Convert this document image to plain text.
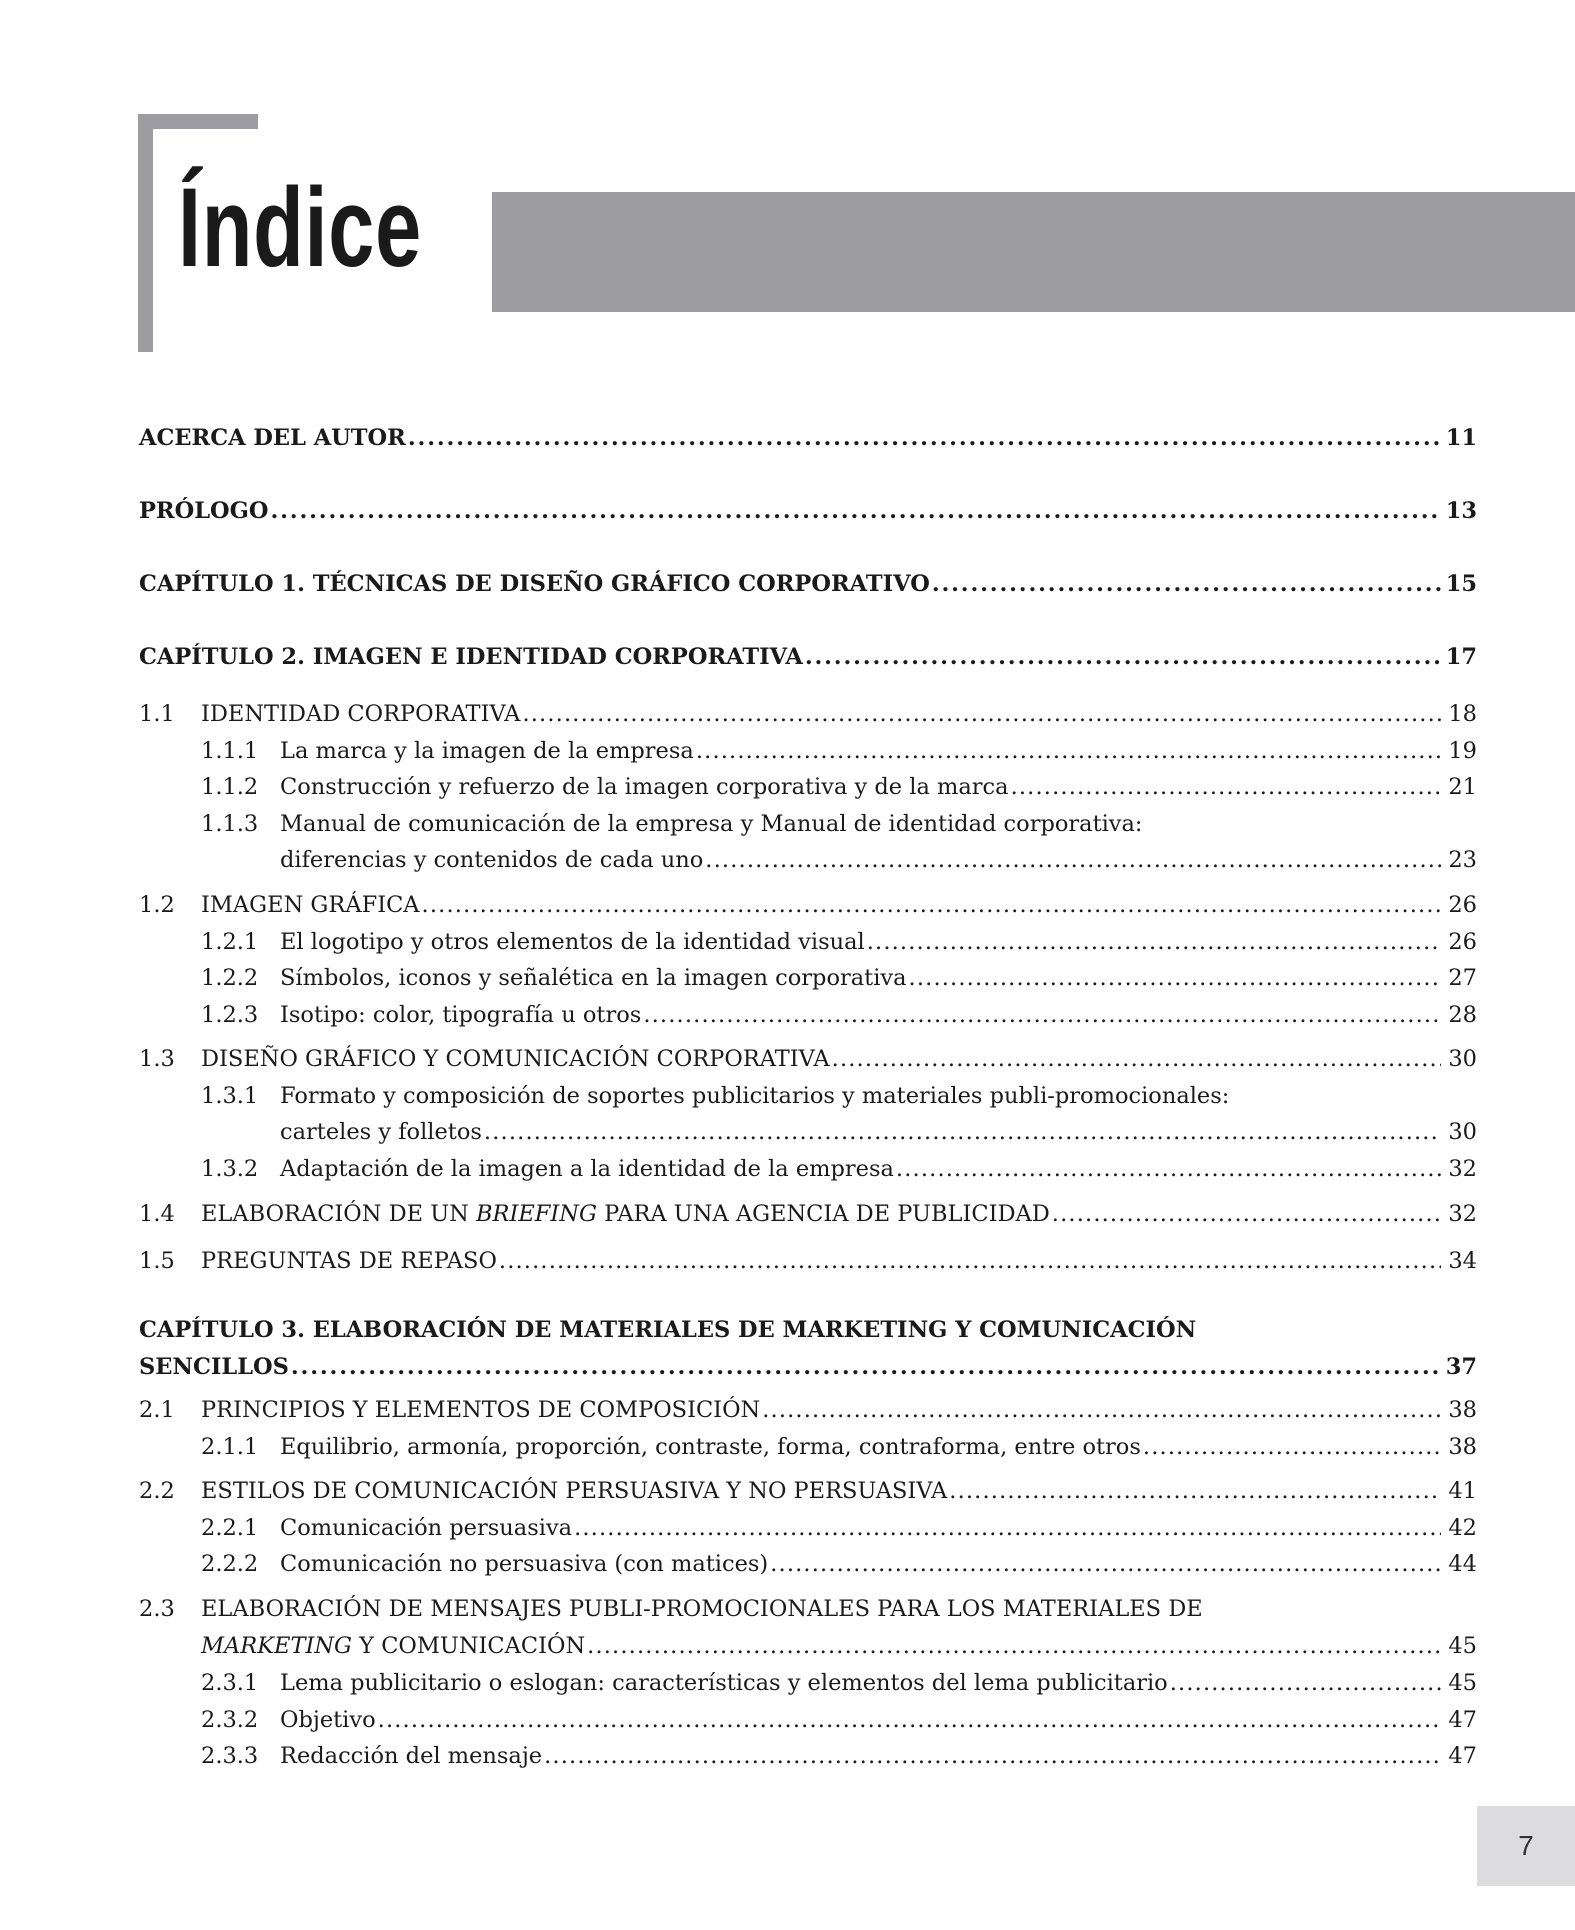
Índice
ACERCA DEL AUTOR . . .	11
PRÓLOGO . . .	13
CAPÍTULO 1. TÉCNICAS DE DISEÑO GRÁFICO CORPORATIVO . . .	15
CAPÍTULO 2. IMAGEN E IDENTIDAD CORPORATIVA . . .	17
1.1 IDENTIDAD CORPORATIVA . . .	18
1.1.1 La marca y la imagen de la empresa . . .	19
1.1.2 Construcción y refuerzo de la imagen corporativa y de la marca . . .	21
1.1.3 Manual de comunicación de la empresa y Manual de identidad corporativa:
diferencias y contenidos de cada uno . . .	23
1.2 IMAGEN GRÁFICA . . .	26
1.2.1 El logotipo y otros elementos de la identidad visual . . .	26
1.2.2 Símbolos, iconos y señalética en la imagen corporativa . . .	27
1.2.3 Isotipo: color, tipografía u otros . . .	28
1.3 DISEÑO GRÁFICO Y COMUNICACIÓN CORPORATIVA . . .	30
1.3.1 Formato y composición de soportes publicitarios y materiales publi-promocionales:
carteles y folletos . . .	30
1.3.2 Adaptación de la imagen a la identidad de la empresa . . .	32
1.4 ELABORACIÓN DE UN BRIEFING PARA UNA AGENCIA DE PUBLICIDAD . . .	32
1.5 PREGUNTAS DE REPASO . . .	34
CAPÍTULO 3. ELABORACIÓN DE MATERIALES DE MARKETING Y COMUNICACIÓN
SENCILLOS . . .	37
2.1 PRINCIPIOS Y ELEMENTOS DE COMPOSICIÓN . . .	38
2.1.1 Equilibrio, armonía, proporción, contraste, forma, contraforma, entre otros . . .	38
2.2 ESTILOS DE COMUNICACIÓN PERSUASIVA Y NO PERSUASIVA . . .	41
2.2.1 Comunicación persuasiva . . .	42
2.2.2 Comunicación no persuasiva (con matices) . . .	44
2.3 ELABORACIÓN DE MENSAJES PUBLI-PROMOCIONALES PARA LOS MATERIALES DE
MARKETING Y COMUNICACIÓN . . .	45
2.3.1 Lema publicitario o eslogan: características y elementos del lema publicitario . . .	45
2.3.2 Objetivo . . .	47
2.3.3 Redacción del mensaje . . .	47
7
